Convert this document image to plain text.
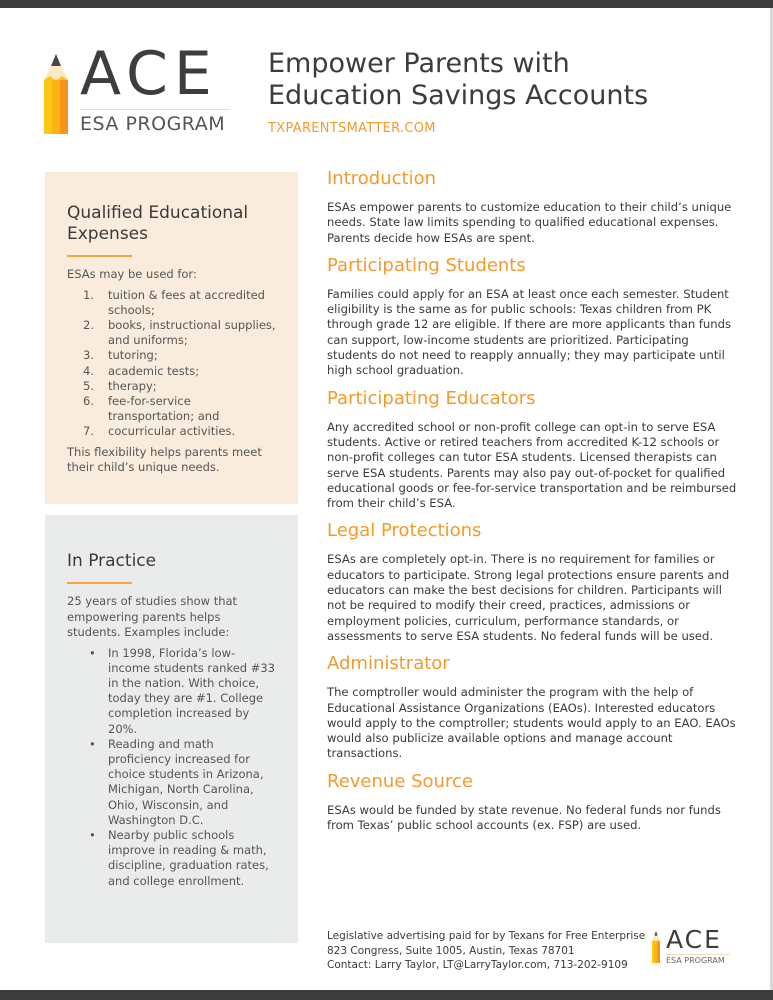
ACE
ESA PROGRAM
Empower Parents with
Education Savings Accounts
TXPARENTSMATTER.COM
Qualified Educational Expenses

ESAs may be used for:

1. tuition & fees at accredited schools;
2. books, instructional supplies, and uniforms;
3. tutoring;
4. academic tests;
5. therapy;
6. fee-for-service transportation; and
7. cocurricular activities.

This flexibility helps parents meet their child’s unique needs.

In Practice

25 years of studies show that empowering parents helps students. Examples include:

• In 1998, Florida’s low-income students ranked #33 in the nation. With choice, today they are #1. College completion increased by 20%.
• Reading and math proficiency increased for choice students in Arizona, Michigan, North Carolina, Ohio, Wisconsin, and Washington D.C.
• Nearby public schools improve in reading & math, discipline, graduation rates, and college enrollment.
Introduction

ESAs empower parents to customize education to their child’s unique needs. State law limits spending to qualified educational expenses. Parents decide how ESAs are spent.

Participating Students

Families could apply for an ESA at least once each semester. Student eligibility is the same as for public schools: Texas children from PK through grade 12 are eligible. If there are more applicants than funds can support, low-income students are prioritized. Participating students do not need to reapply annually; they may participate until high school graduation.

Participating Educators

Any accredited school or non-profit college can opt-in to serve ESA students. Active or retired teachers from accredited K-12 schools or non-profit colleges can tutor ESA students. Licensed therapists can serve ESA students. Parents may also pay out-of-pocket for qualified educational goods or fee-for-service transportation and be reimbursed from their child’s ESA.

Legal Protections

ESAs are completely opt-in. There is no requirement for families or educators to participate. Strong legal protections ensure parents and educators can make the best decisions for children. Participants will not be required to modify their creed, practices, admissions or employment policies, curriculum, performance standards, or assessments to serve ESA students. No federal funds will be used.

Administrator

The comptroller would administer the program with the help of Educational Assistance Organizations (EAOs). Interested educators would apply to the comptroller; students would apply to an EAO. EAOs would also publicize available options and manage account transactions.

Revenue Source

ESAs would be funded by state revenue. No federal funds nor funds from Texas’ public school accounts (ex. FSP) are used.

Legislative advertising paid for by Texans for Free Enterprise
823 Congress, Suite 1005, Austin, Texas 78701
Contact: Larry Taylor, LT@LarryTaylor.com, 713-202-9109
ACE
ESA PROGRAM
